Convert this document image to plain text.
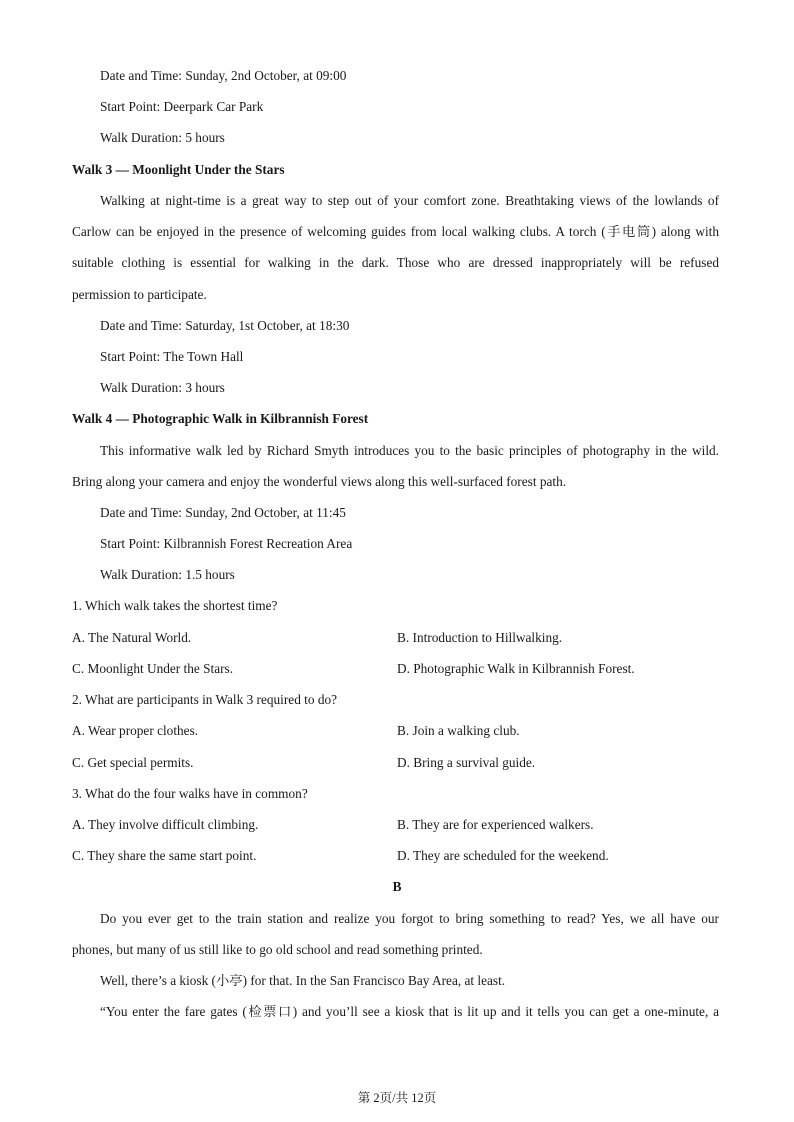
Date and Time: Sunday, 2nd October, at 09:00
Start Point: Deerpark Car Park
Walk Duration: 5 hours
Walk 3 — Moonlight Under the Stars
Walking at night-time is a great way to step out of your comfort zone. Breathtaking views of the lowlands of
Carlow can be enjoyed in the presence of welcoming guides from local walking clubs. A torch (手电筒) along with
suitable clothing is essential for walking in the dark. Those who are dressed inappropriately will be refused
permission to participate.
Date and Time: Saturday, 1st October, at 18:30
Start Point: The Town Hall
Walk Duration: 3 hours
Walk 4 — Photographic Walk in Kilbrannish Forest
This informative walk led by Richard Smyth introduces you to the basic principles of photography in the wild.
Bring along your camera and enjoy the wonderful views along this well-surfaced forest path.
Date and Time: Sunday, 2nd October, at 11:45
Start Point: Kilbrannish Forest Recreation Area
Walk Duration: 1.5 hours
1. Which walk takes the shortest time?
A. The Natural World.	B. Introduction to Hillwalking.
C. Moonlight Under the Stars.	D. Photographic Walk in Kilbrannish Forest.
2. What are participants in Walk 3 required to do?
A. Wear proper clothes.	B. Join a walking club.
C. Get special permits.	D. Bring a survival guide.
3. What do the four walks have in common?
A. They involve difficult climbing.	B. They are for experienced walkers.
C. They share the same start point.	D. They are scheduled for the weekend.
B
Do you ever get to the train station and realize you forgot to bring something to read? Yes, we all have our
phones, but many of us still like to go old school and read something printed.
Well, there’s a kiosk (小亭) for that. In the San Francisco Bay Area, at least.
“You enter the fare gates (检票口) and you’ll see a kiosk that is lit up and it tells you can get a one-minute, a
第 2页/共 12页
